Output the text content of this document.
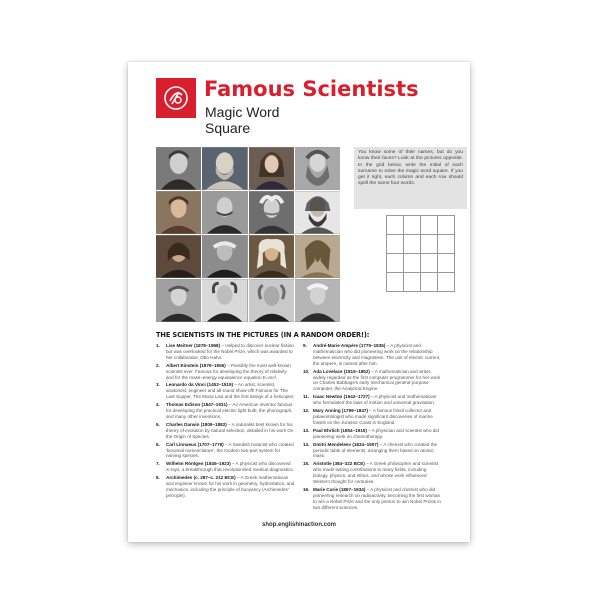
Famous Scientists
Magic Word Square
You know some of their names, but do you know their faces? Look at the pictures opposite. In the grid below, write the initial of each surname to solve the magic word square. If you get it right, each column and each row should spell the same four words.

THE SCIENTISTS IN THE PICTURES (IN A RANDOM ORDER!):
1. Lise Meitner (1878–1968) – Helped to discover nuclear fission but was overlooked for the Nobel Prize, which was awarded to her collaborator, Otto Hahn.
2. Albert Einstein (1879–1955) – Possibly the most well-known scientist ever. Famous for developing the theory of relativity and for the mass–energy equivalence equation E=mc².
3. Leonardo da Vinci (1452–1519) – An artist, scientist, anatomist, engineer and all-round show-off! Famous for The Last Supper, The Mona Lisa and the first design of a helicopter.
4. Thomas Edison (1847–1931) – An American inventor famous for developing the practical electric light bulb, the phonograph, and many other inventions.
5. Charles Darwin (1809–1882) – A naturalist best known for his theory of evolution by natural selection, detailed in his work On the Origin of Species.
6. Carl Linnaeus (1707–1778) – A Swedish botanist who created 'binomial nomenclature', the modern two-part system for naming species.
7. Wilhelm Röntgen (1845–1923) – A physicist who discovered X-rays, a breakthrough that revolutionised medical diagnostics.
8. Archimedes (c. 287–c. 212 BCE) – A Greek mathematician and engineer known for his work in geometry, hydrostatics, and mechanics, including the principle of buoyancy (Archimedes' principle).
9. André-Marie Ampère (1775–1836) – A physicist and mathematician who did pioneering work on the relationship between electricity and magnetism. The unit of electric current, the ampere, is named after him.
10. Ada Lovelace (1815–1852) – A mathematician and writer, widely regarded as the first computer programmer for her work on Charles Babbage's early mechanical general-purpose computer, the Analytical Engine.
11. Isaac Newton (1642–1727) – A physicist and mathematician who formulated the laws of motion and universal gravitation.
12. Mary Anning (1799–1847) – A famous fossil collector and palaeontologist who made significant discoveries of marine fossils on the Jurassic Coast in England.
13. Paul Ehrlich (1854–1915) – A physician and scientist who did pioneering work on chemotherapy.
14. Dmitri Mendeleev (1834–1907) – A chemist who created the periodic table of elements, arranging them based on atomic mass.
15. Aristotle (384–322 BCE) – A Greek philosopher and scientist who made lasting contributions to many fields, including biology, physics, and ethics, and whose work influenced Western thought for centuries.
16. Marie Curie (1867–1934) – A physicist and chemist who did pioneering research on radioactivity, becoming the first woman to win a Nobel Prize and the only person to win Nobel Prizes in two different sciences.
shop.englishinaction.com
